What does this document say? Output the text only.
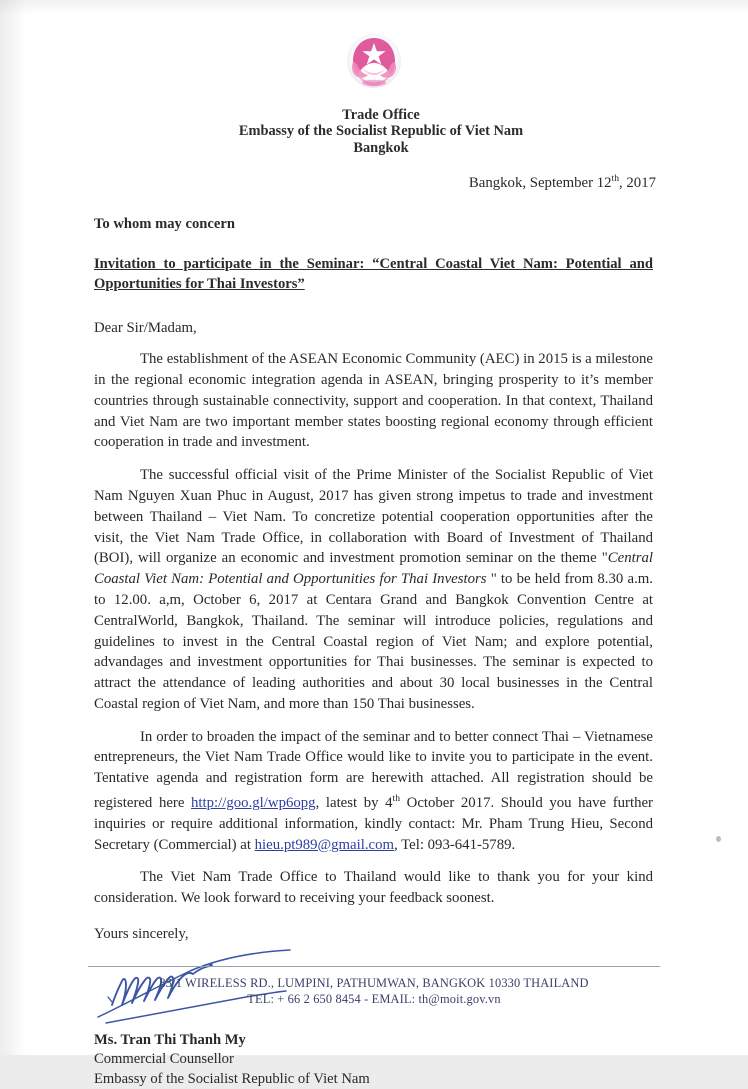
Trade Office
Embassy of the Socialist Republic of Viet Nam
Bangkok
Bangkok, September 12th, 2017
To whom may concern
Invitation to participate in the Seminar: “Central Coastal Viet Nam: Potential and Opportunities for Thai Investors”
Dear Sir/Madam,

The establishment of the ASEAN Economic Community (AEC) in 2015 is a milestone in the regional economic integration agenda in ASEAN, bringing prosperity to it’s member countries through sustainable connectivity, support and cooperation. In that context, Thailand and Viet Nam are two important member states boosting regional economy through efficient cooperation in trade and investment.

The successful official visit of the Prime Minister of the Socialist Republic of Viet Nam Nguyen Xuan Phuc in August, 2017 has given strong impetus to trade and investment between Thailand – Viet Nam. To concretize potential cooperation opportunities after the visit, the Viet Nam Trade Office, in collaboration with Board of Investment of Thailand (BOI), will organize an economic and investment promotion seminar on the theme "Central Coastal Viet Nam: Potential and Opportunities for Thai Investors " to be held from 8.30 a.m. to 12.00. a,m, October 6, 2017 at Centara Grand and Bangkok Convention Centre at CentralWorld, Bangkok, Thailand. The seminar will introduce policies, regulations and guidelines to invest in the Central Coastal region of Viet Nam; and explore potential, advandages and investment opportunities for Thai businesses. The seminar is expected to attract the attendance of leading authorities and about 30 local businesses in the Central Coastal region of Viet Nam, and more than 150 Thai businesses.

In order to broaden the impact of the seminar and to better connect Thai – Vietnamese entrepreneurs, the Viet Nam Trade Office would like to invite you to participate in the event. Tentative agenda and registration form are herewith attached. All registration should be registered here http://goo.gl/wp6opg, latest by 4th October 2017. Should you have further inquiries or require additional information, kindly contact: Mr. Pham Trung Hieu, Second Secretary (Commercial) at hieu.pt989@gmail.com, Tel: 093-641-5789.

The Viet Nam Trade Office to Thailand would like to thank you for your kind consideration. We look forward to receiving your feedback soonest.

Yours sincerely,
Ms. Tran Thi Thanh My
Commercial Counsellor
Embassy of the Socialist Republic of Viet Nam
83/1 WIRELESS RD., LUMPINI, PATHUMWAN, BANGKOK 10330 THAILAND
TEL: + 66 2 650 8454 - EMAIL: th@moit.gov.vn
